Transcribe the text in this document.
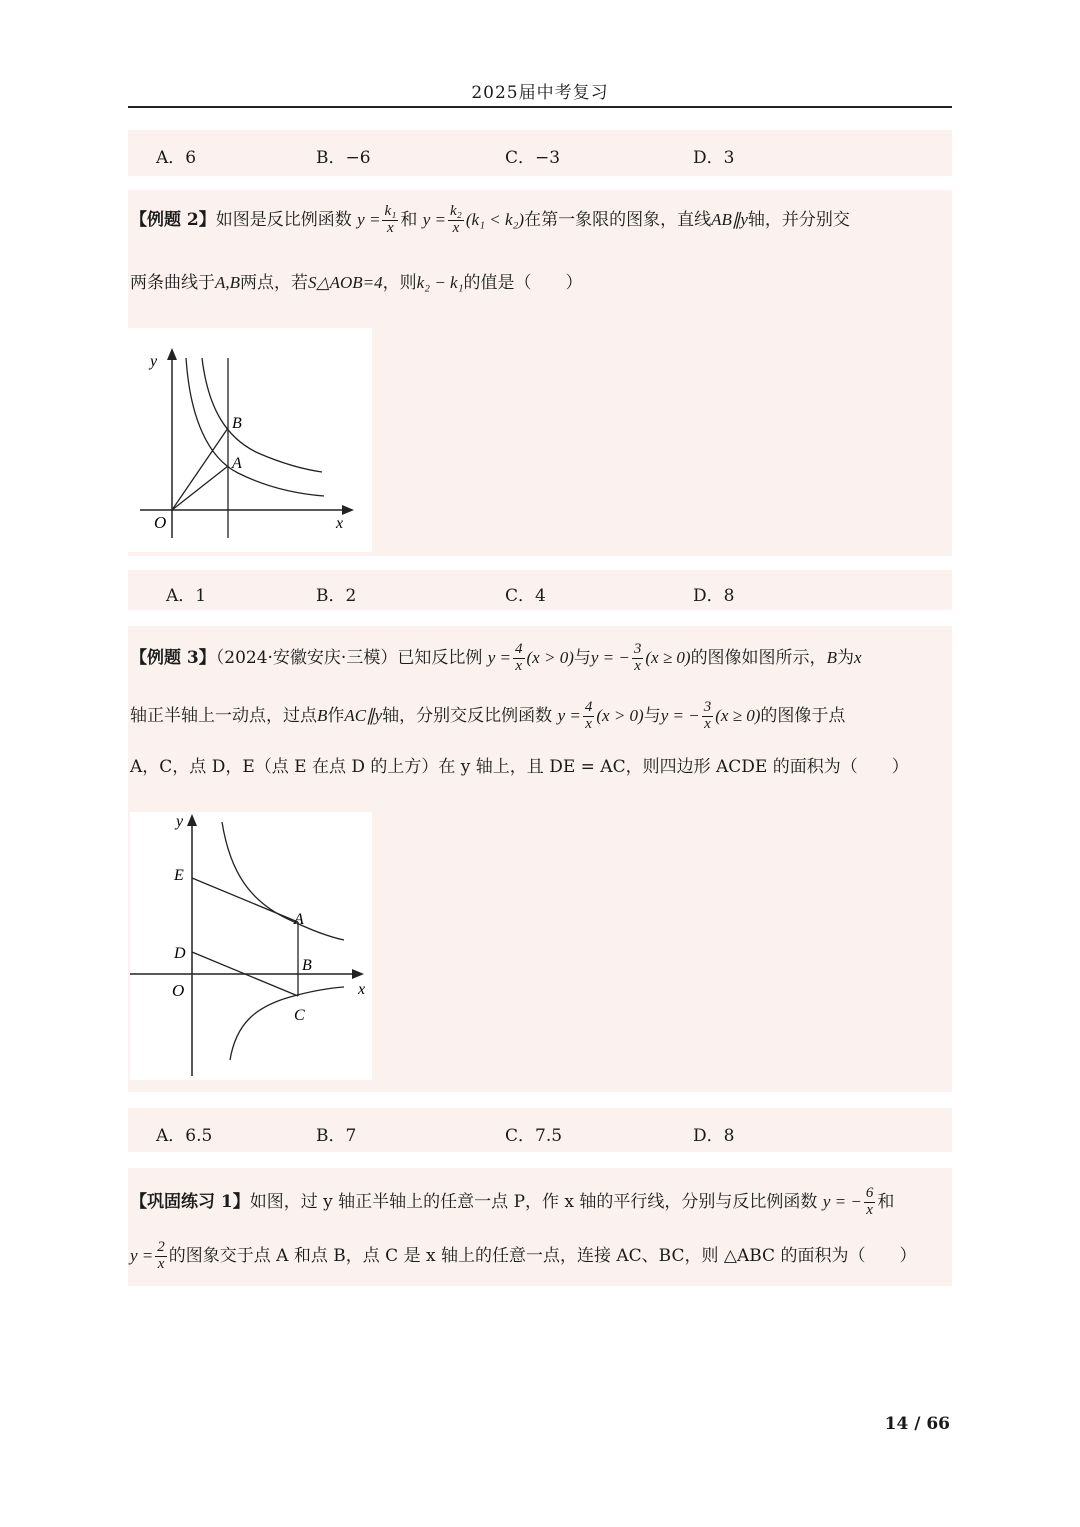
2025届中考复习
A．6	B．−6	C．−3	D．3
【例题 2】如图是反比例函数 $y = \frac{\text{k₁}}{x}$ 和 $y = \frac{\text{k₂}}{x} (k_1 < k_2)$在第一象限的图象，直线AB∥y轴，并分别交
两条曲线于A,B两点，若S△AOB=4，则k₂ − k₁的值是（　　）
y
x
O
B
A
A．1	B．2	C．4	D．8
【例题 3】（2024·安徽安庆·三模）已知反比例 $y = \frac{4}{x} (x > 0)$与y = − $\frac{3}{x} (x \ge 0)$的图像如图所示，B为x
轴正半轴上一动点，过点B作AC∥y轴，分别交反比例函数 $y = \frac{4}{x} (x > 0)$与y = − $\frac{3}{x} (x \ge 0)$的图像于点
A，C，点 D，E（点 E 在点 D 的上方）在 y 轴上，且 DE = AC，则四边形 ACDE 的面积为（　　）
y
x
O
E
D
A
B
C
A．6.5	B．7	C．7.5	D．8
【巩固练习 1】如图，过 y 轴正半轴上的任意一点 P，作 x 轴的平行线，分别与反比例函数 y = − $\frac{6}{x}$ 和
$y = \frac{2}{x}$ 的图象交于点 A 和点 B，点 C 是 x 轴上的任意一点，连接 AC、BC，则 △ABC 的面积为（　　）
14 / 66
